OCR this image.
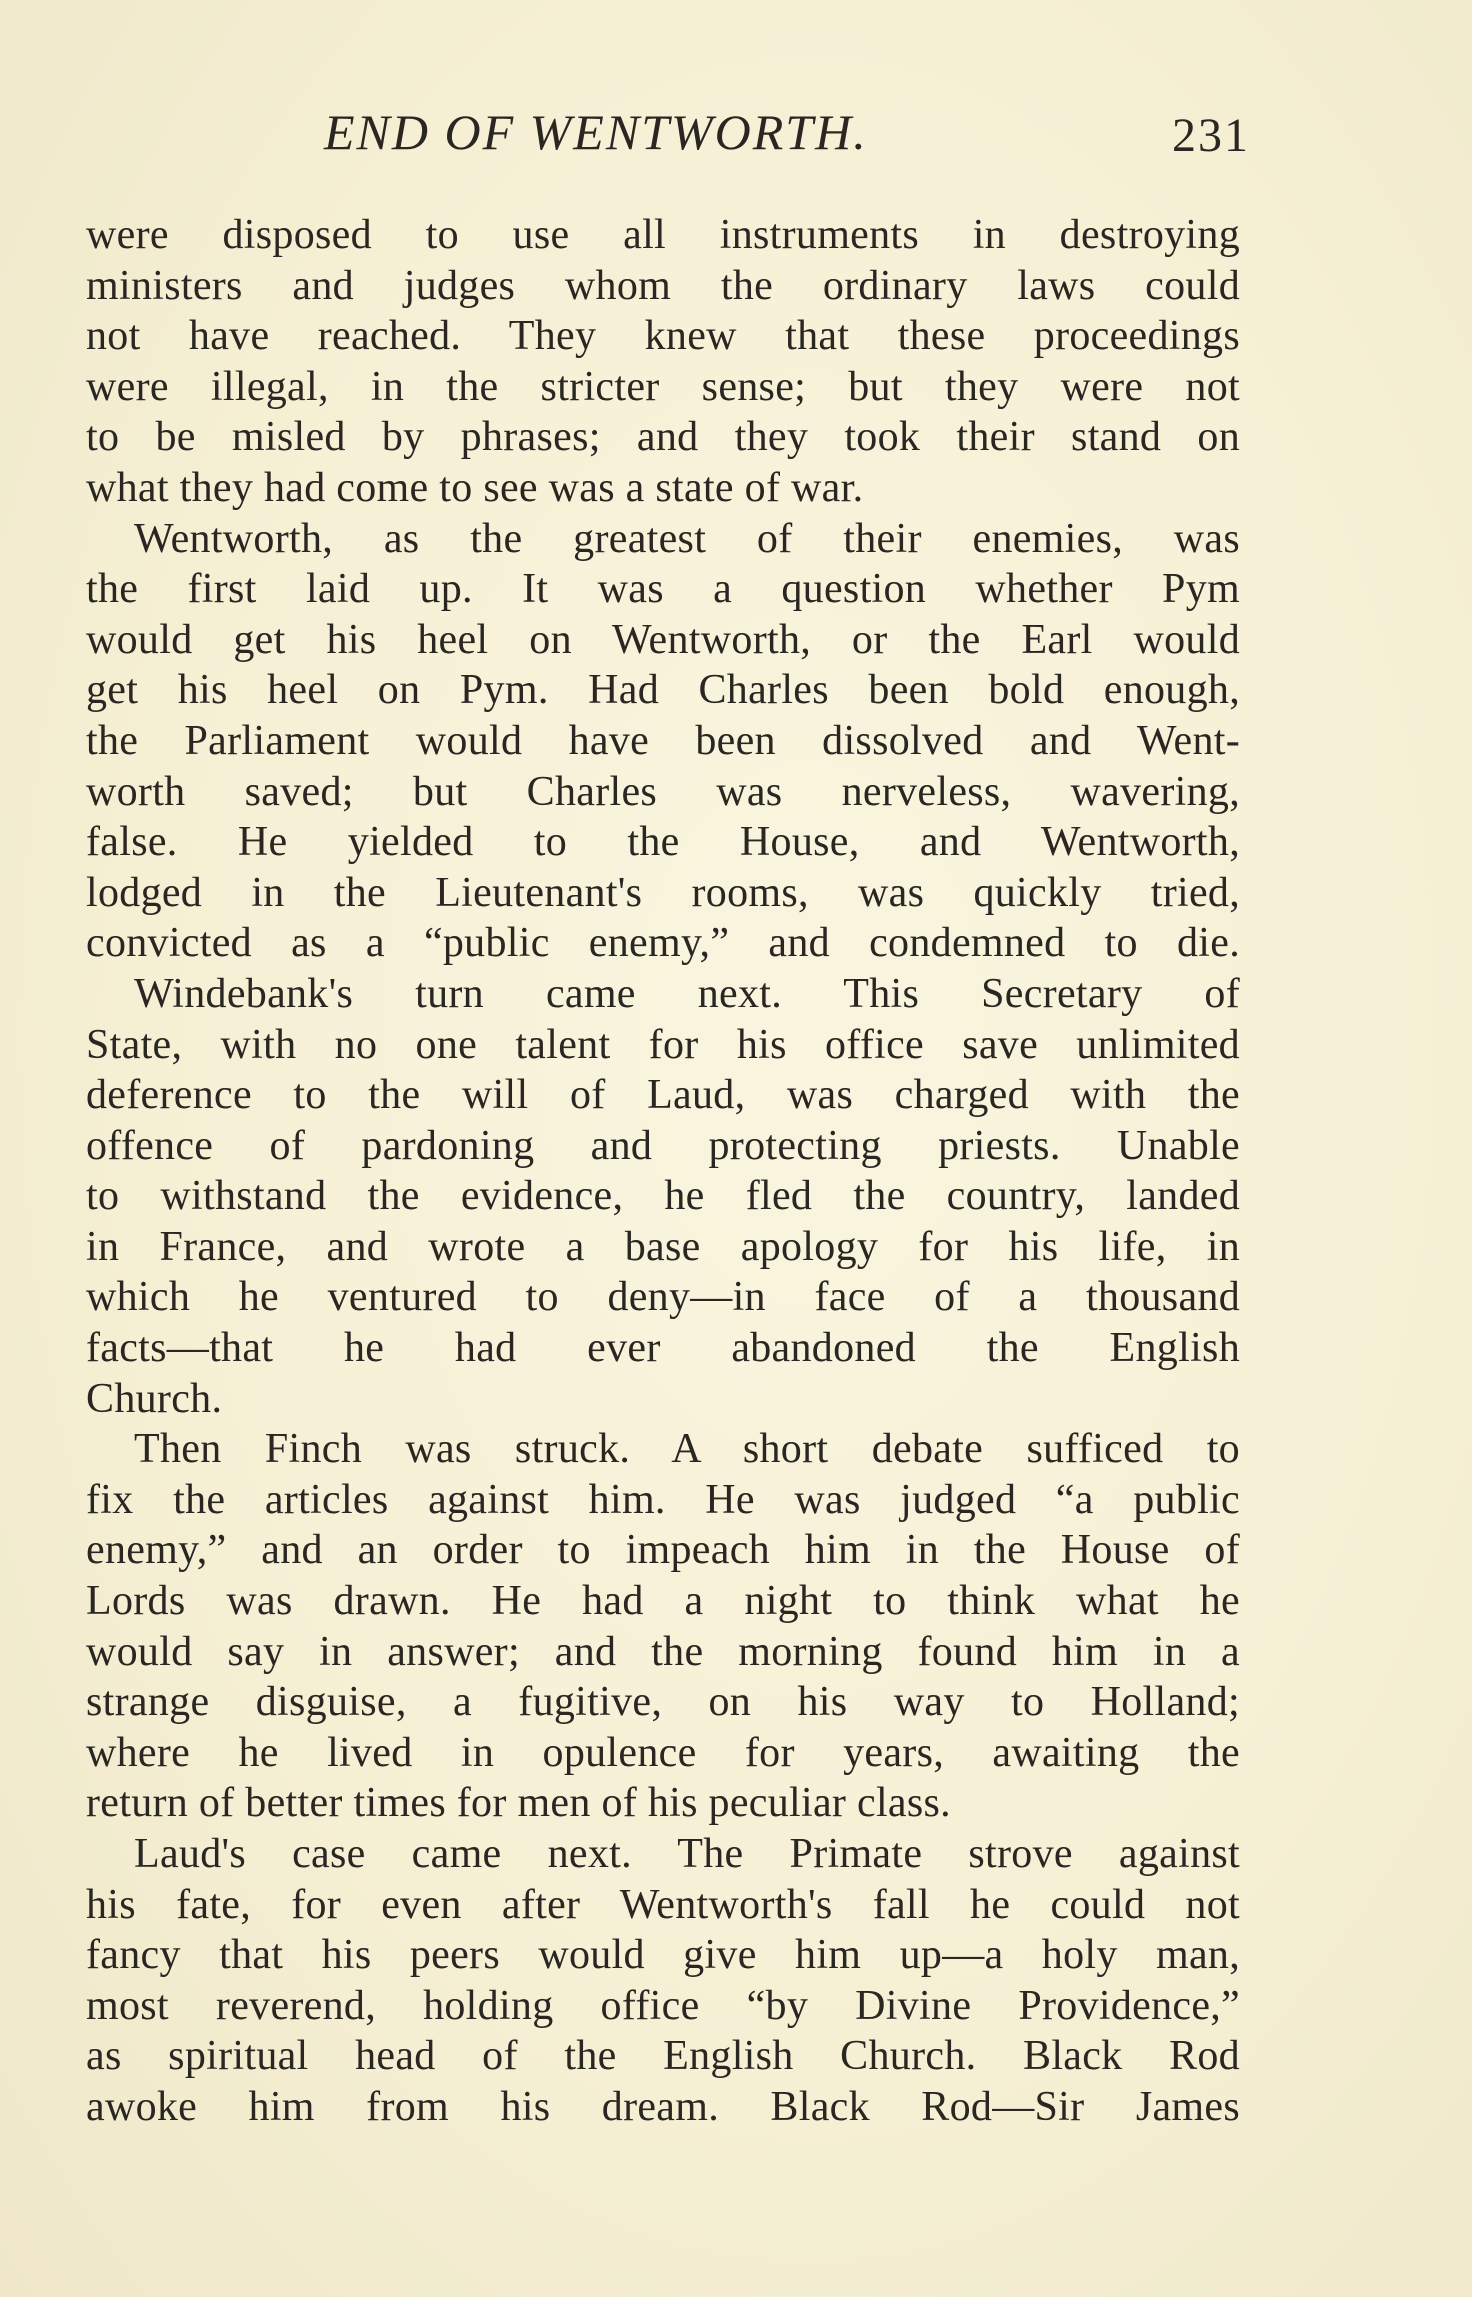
END OF WENTWORTH.	231
were disposed to use all instruments in destroying
ministers and judges whom the ordinary laws could
not have reached. They knew that these proceedings
were illegal, in the stricter sense; but they were not
to be misled by phrases; and they took their stand on
what they had come to see was a state of war.
Wentworth, as the greatest of their enemies, was
the first laid up. It was a question whether Pym
would get his heel on Wentworth, or the Earl would
get his heel on Pym. Had Charles been bold enough,
the Parliament would have been dissolved and Went-
worth saved; but Charles was nerveless, wavering,
false. He yielded to the House, and Wentworth,
lodged in the Lieutenant's rooms, was quickly tried,
convicted as a “public enemy,” and condemned to die.
Windebank's turn came next. This Secretary of
State, with no one talent for his office save unlimited
deference to the will of Laud, was charged with the
offence of pardoning and protecting priests. Unable
to withstand the evidence, he fled the country, landed
in France, and wrote a base apology for his life, in
which he ventured to deny—in face of a thousand
facts—that he had ever abandoned the English
Church.
Then Finch was struck. A short debate sufficed to
fix the articles against him. He was judged “a public
enemy,” and an order to impeach him in the House of
Lords was drawn. He had a night to think what he
would say in answer; and the morning found him in a
strange disguise, a fugitive, on his way to Holland;
where he lived in opulence for years, awaiting the
return of better times for men of his peculiar class.
Laud's case came next. The Primate strove against
his fate, for even after Wentworth's fall he could not
fancy that his peers would give him up—a holy man,
most reverend, holding office “by Divine Providence,”
as spiritual head of the English Church. Black Rod
awoke him from his dream. Black Rod—Sir James
